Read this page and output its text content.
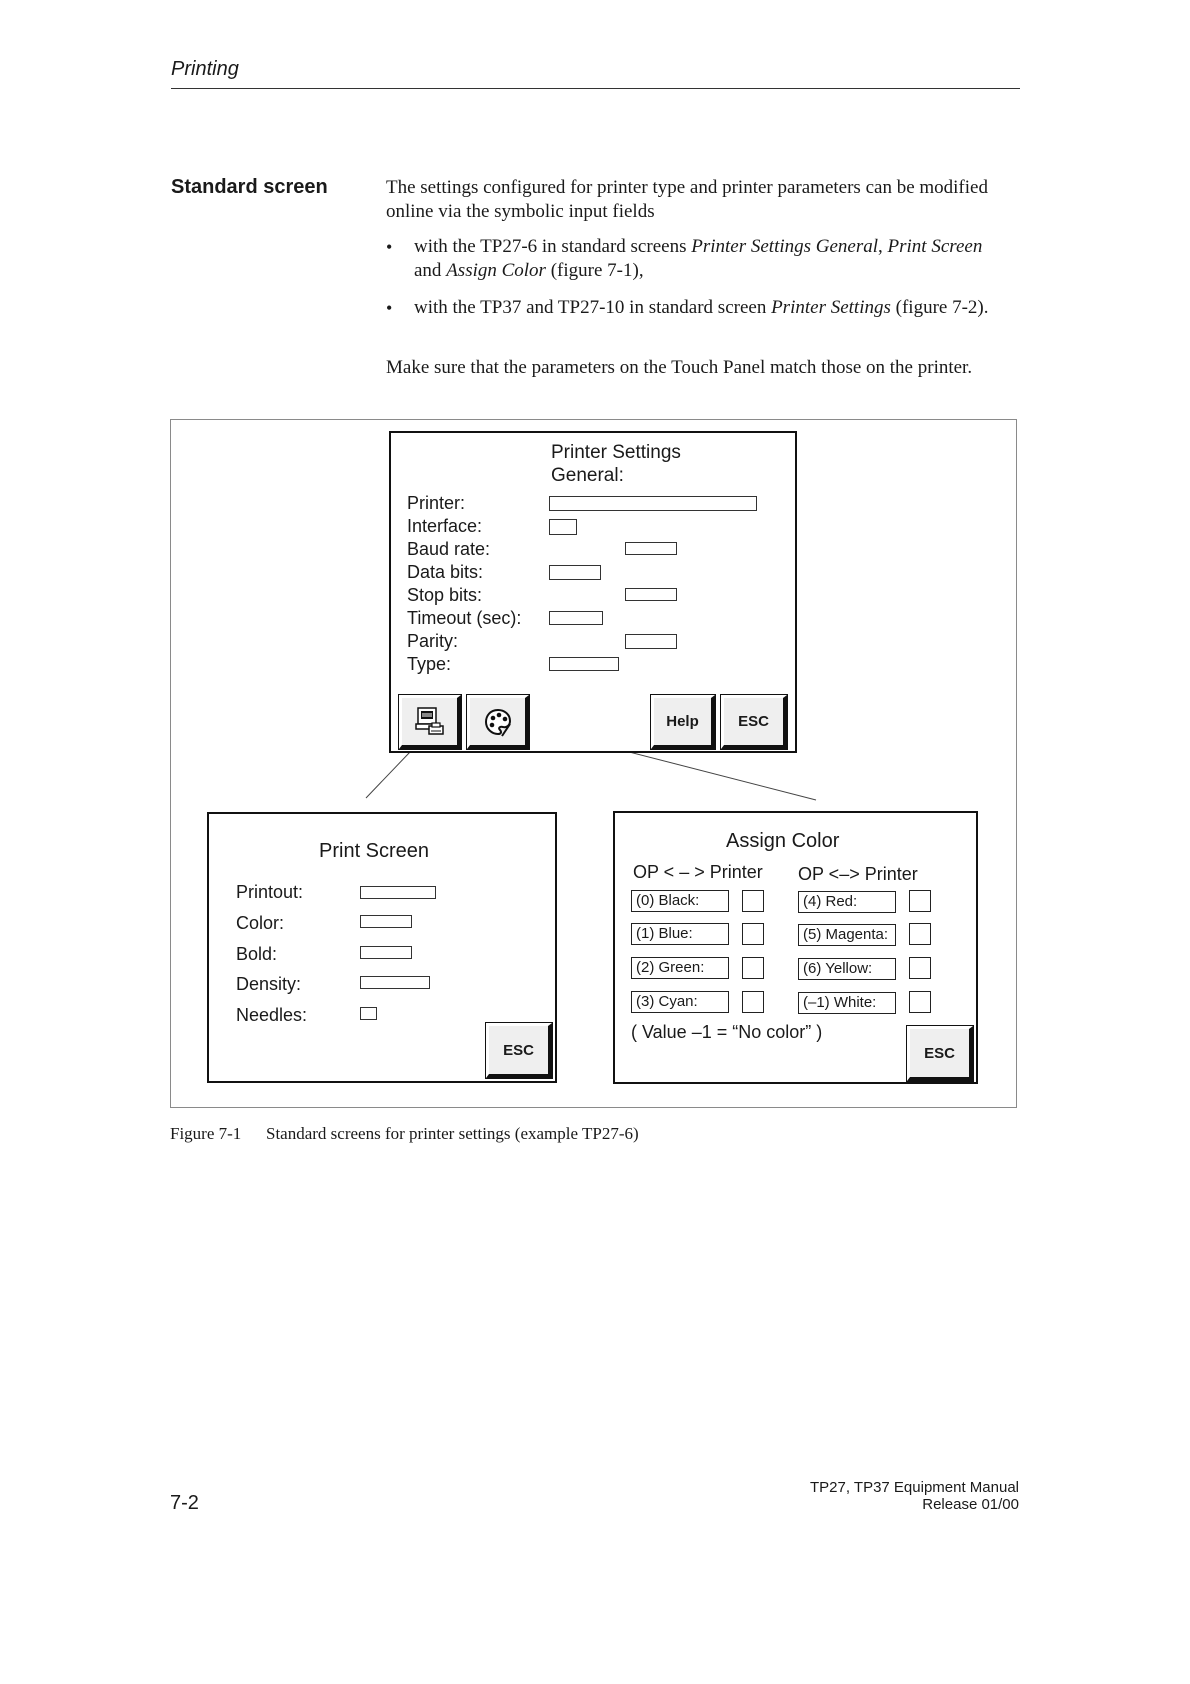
Printing
Standard screen	The settings configured for printer type and printer parameters can be modified
online via the symbolic input fields
• with the TP27-6 in standard screens Printer Settings General, Print Screen
and Assign Color (figure 7-1),
• with the TP37 and TP27-10 in standard screen Printer Settings (figure 7-2).
Make sure that the parameters on the Touch Panel match those on the printer.
Printer Settings
General:
Printer:
Interface:
Baud rate:
Data bits:
Stop bits:
Timeout (sec):
Parity:
Type:
Help	ESC
Print Screen
Printout:
Color:
Bold:
Density:
Needles:
ESC
Assign Color
OP < – > Printer OP <–> Printer
(0) Black:
(1) Blue:
(2) Green:
(3) Cyan:
(4) Red:
(5) Magenta:
(6) Yellow:
(–1) White:
( Value –1 = “No color” )
ESC
Figure 7-1 Standard screens for printer settings (example TP27-6)
7-2
TP27, TP37 Equipment Manual
Release 01/00
